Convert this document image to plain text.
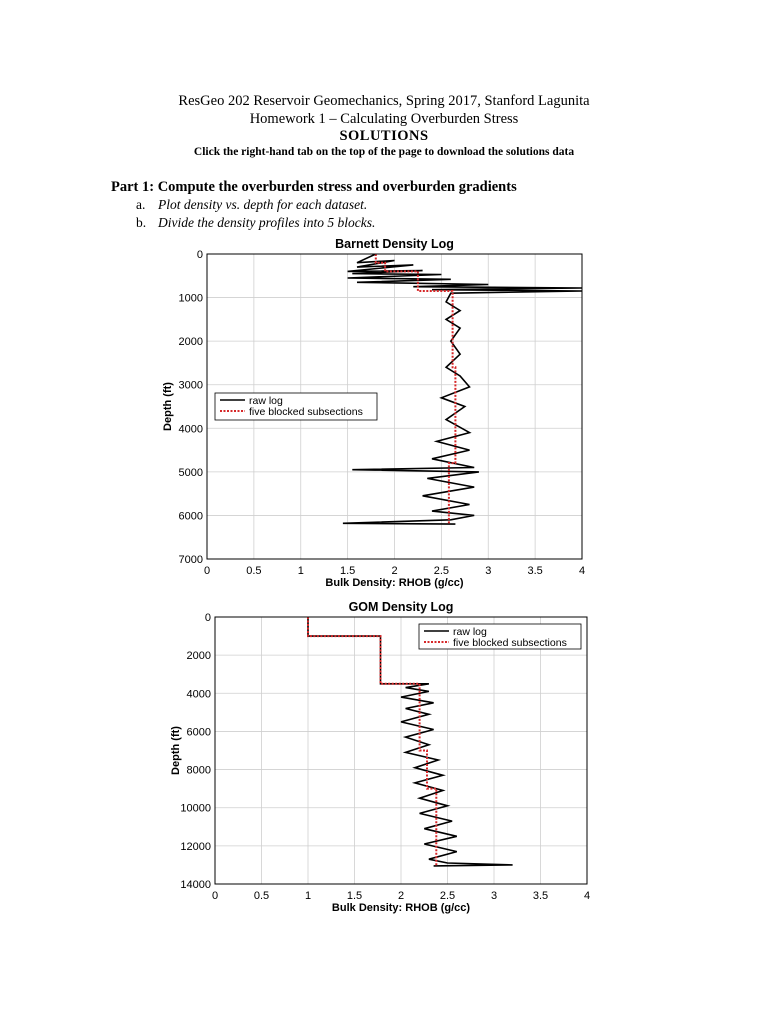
ResGeo 202 Reservoir Geomechanics, Spring 2017, Stanford Lagunita
Homework 1 – Calculating Overburden Stress
SOLUTIONS
Click the right-hand tab on the top of the page to download the solutions data
Part 1: Compute the overburden stress and overburden gradients
a. Plot density vs. depth for each dataset.
b. Divide the density profiles into 5 blocks.
Barnett Density Log
0	0.5	1	1.5	2	2.5	3	3.5	4
0
1000
2000
3000
4000
5000
6000
7000
Bulk Density: RHOB (g/cc)
Depth (ft)	raw log
five blocked subsections
GOM Density Log
0	0.5	1	1.5	2	2.5	3	3.5	4
0
2000
4000
6000
8000
10000
12000
14000
Bulk Density: RHOB (g/cc)
Depth (ft)
raw log
five blocked subsections
